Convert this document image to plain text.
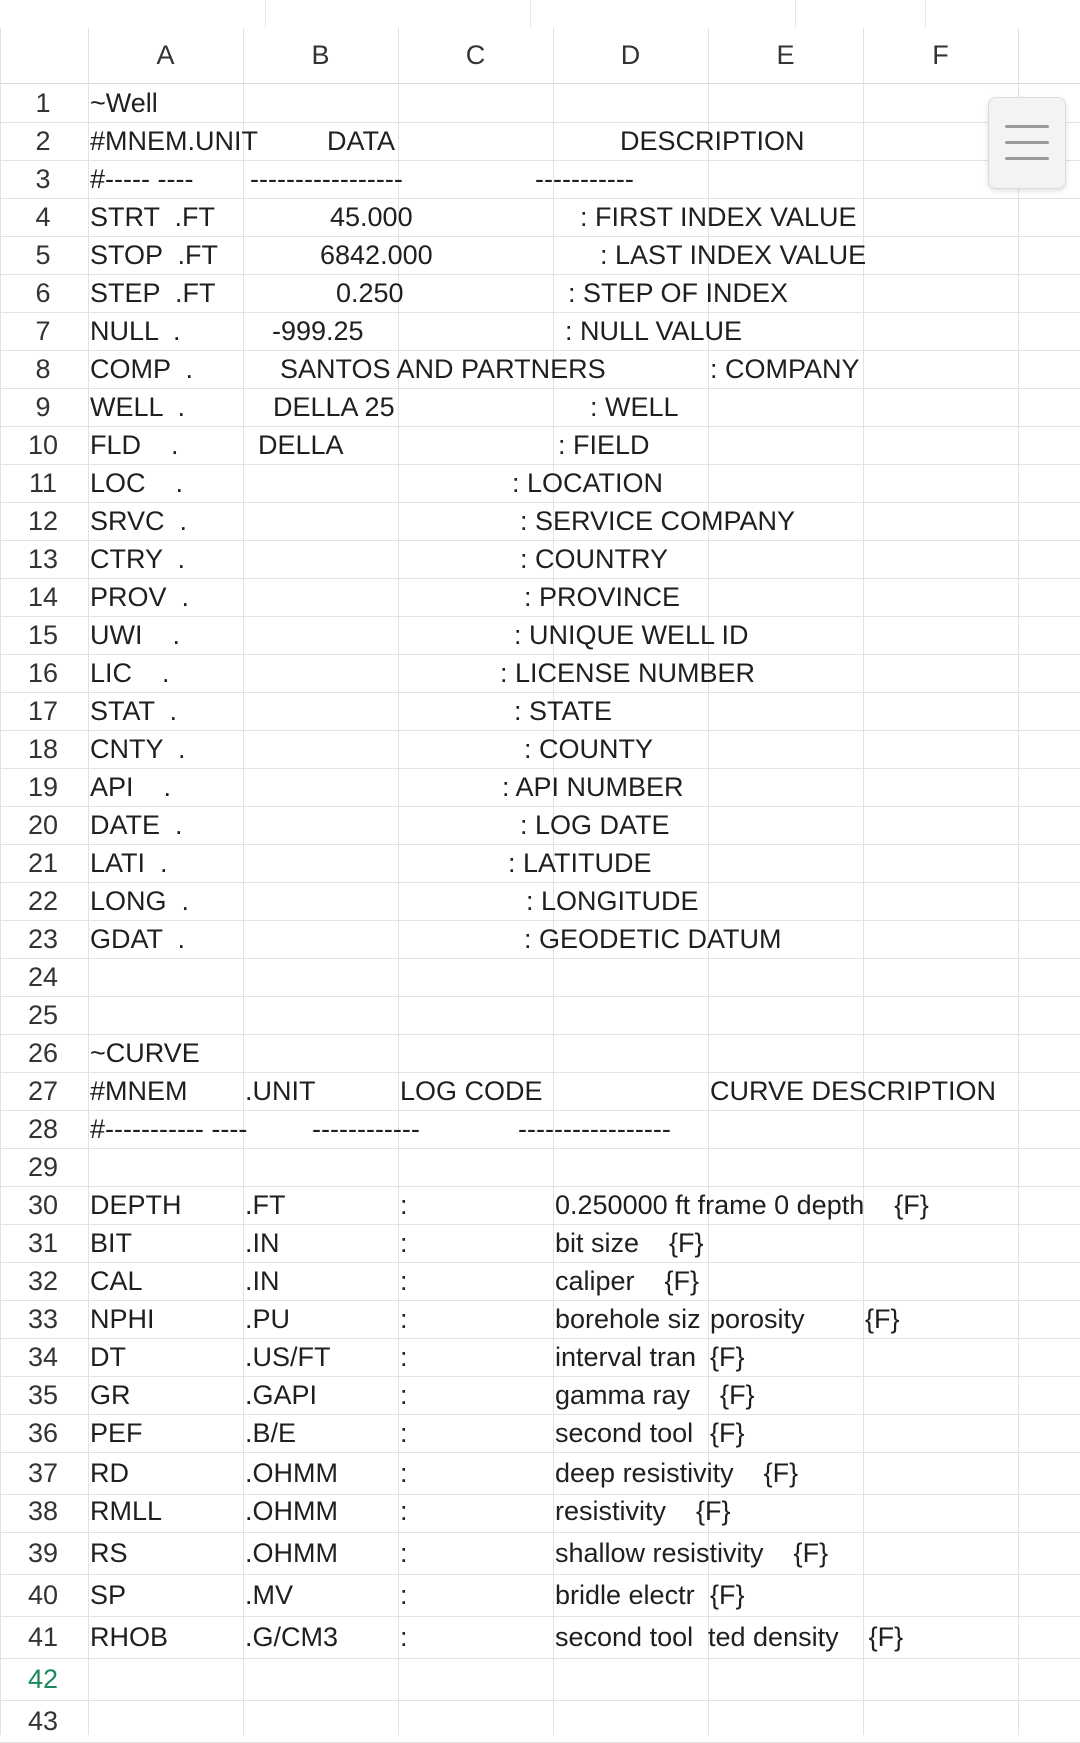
A	B	C	D	E	F
1	~Well
2	#MNEM.UNIT	DATA	DESCRIPTION
3	#----- ---- -----------------	-----------
4	STRT  .FT	45.000	: FIRST INDEX VALUE
5	STOP  .FT	6842.000	: LAST INDEX VALUE
6	STEP  .FT	0.250	: STEP OF INDEX
7	NULL  .	-999.25	: NULL VALUE
8	COMP  .	SANTOS AND PARTNERS	: COMPANY
9	WELL  .	DELLA 25	: WELL
10	FLD    .	DELLA	: FIELD
11	LOC    .	: LOCATION
12	SRVC  .	: SERVICE COMPANY
13	CTRY  .	: COUNTRY
14	PROV  .	: PROVINCE
15	UWI    .	: UNIQUE WELL ID
16	LIC    .	: LICENSE NUMBER
17	STAT  .	: STATE
18	CNTY  .	: COUNTY
19	API    .	: API NUMBER
20	DATE  .	: LOG DATE
21	LATI  .	: LATITUDE
22	LONG  .	: LONGITUDE
23	GDAT  .	: GEODETIC DATUM
24
25
26	~CURVE
27	#MNEM .UNIT	LOG CODE	CURVE DESCRIPTION
28	#----------- ---- ------------	-----------------
29
30	DEPTH .FT	:	0.250000 ft frame 0 depth    {F}
31	BIT	.IN	:	bit size    {F}
32	CAL	.IN	:	caliper    {F}
33	NPHI	.PU	:	borehole siz porosity {F}
34	DT	.US/FT	:	interval tran {F}
35	GR	.GAPI	:	gamma ray    {F}
36	PEF	.B/E	:	second tool {F}
37	RD	.OHMM :	deep resistivity    {F}
38	RMLL	.OHMM :	resistivity    {F}
39	RS	.OHMM :	shallow resistivity    {F}
40	SP	.MV	:	bridle electr {F}
41	RHOB	.G/CM3 :	second tool ted density    {F}
42
43
